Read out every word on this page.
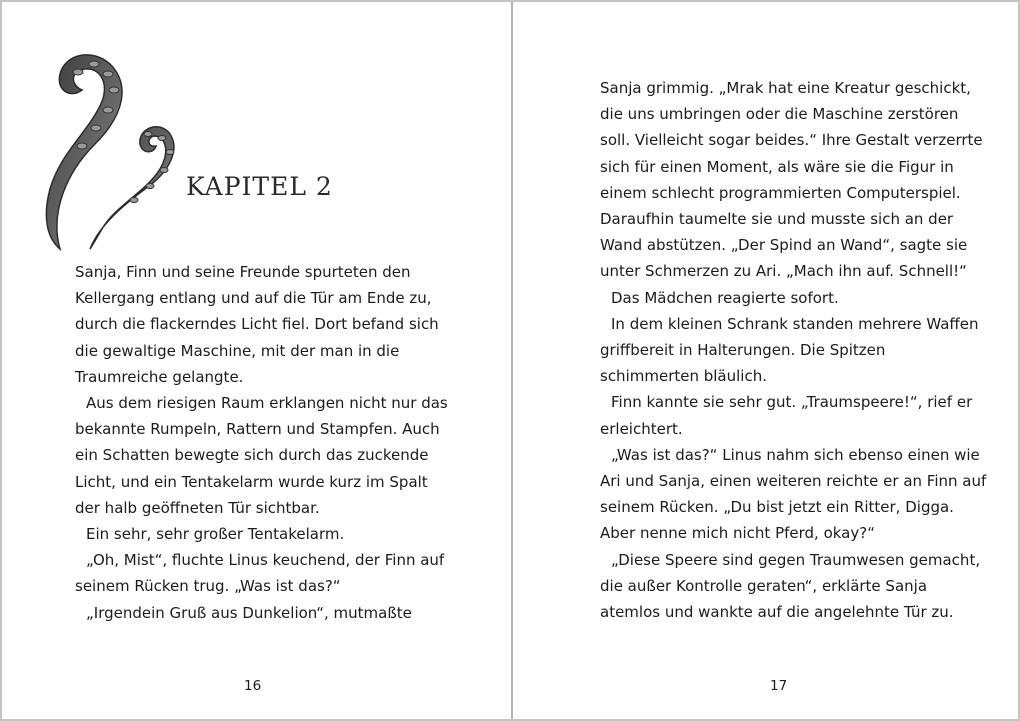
KAPITEL 2

Sanja, Finn und seine Freunde spurteten den

Kellergang entlang und auf die Tür am Ende zu,

durch die flackerndes Licht fiel. Dort befand sich

die gewaltige Maschine, mit der man in die

Traumreiche gelangte.

Aus dem riesigen Raum erklangen nicht nur das

bekannte Rumpeln, Rattern und Stampfen. Auch

ein Schatten bewegte sich durch das zuckende

Licht, und ein Tentakelarm wurde kurz im Spalt

der halb geöffneten Tür sichtbar.

Ein sehr, sehr großer Tentakelarm.

„Oh, Mist“, fluchte Linus keuchend, der Finn auf

seinem Rücken trug. „Was ist das?“

„Irgendein Gruß aus Dunkelion“, mutmaßte

16

Sanja grimmig. „Mrak hat eine Kreatur geschickt,

die uns umbringen oder die Maschine zerstören

soll. Vielleicht sogar beides.“ Ihre Gestalt verzerrte

sich für einen Moment, als wäre sie die Figur in

einem schlecht programmierten Computerspiel.

Daraufhin taumelte sie und musste sich an der

Wand abstützen. „Der Spind an Wand“, sagte sie

unter Schmerzen zu Ari. „Mach ihn auf. Schnell!“

Das Mädchen reagierte sofort.

In dem kleinen Schrank standen mehrere Waffen

griffbereit in Halterungen. Die Spitzen

schimmerten bläulich.

Finn kannte sie sehr gut. „Traumspeere!“, rief er

erleichtert.

„Was ist das?“ Linus nahm sich ebenso einen wie

Ari und Sanja, einen weiteren reichte er an Finn auf

seinem Rücken. „Du bist jetzt ein Ritter, Digga.

Aber nenne mich nicht Pferd, okay?“

„Diese Speere sind gegen Traumwesen gemacht,

die außer Kontrolle geraten“, erklärte Sanja

atemlos und wankte auf die angelehnte Tür zu.

17
